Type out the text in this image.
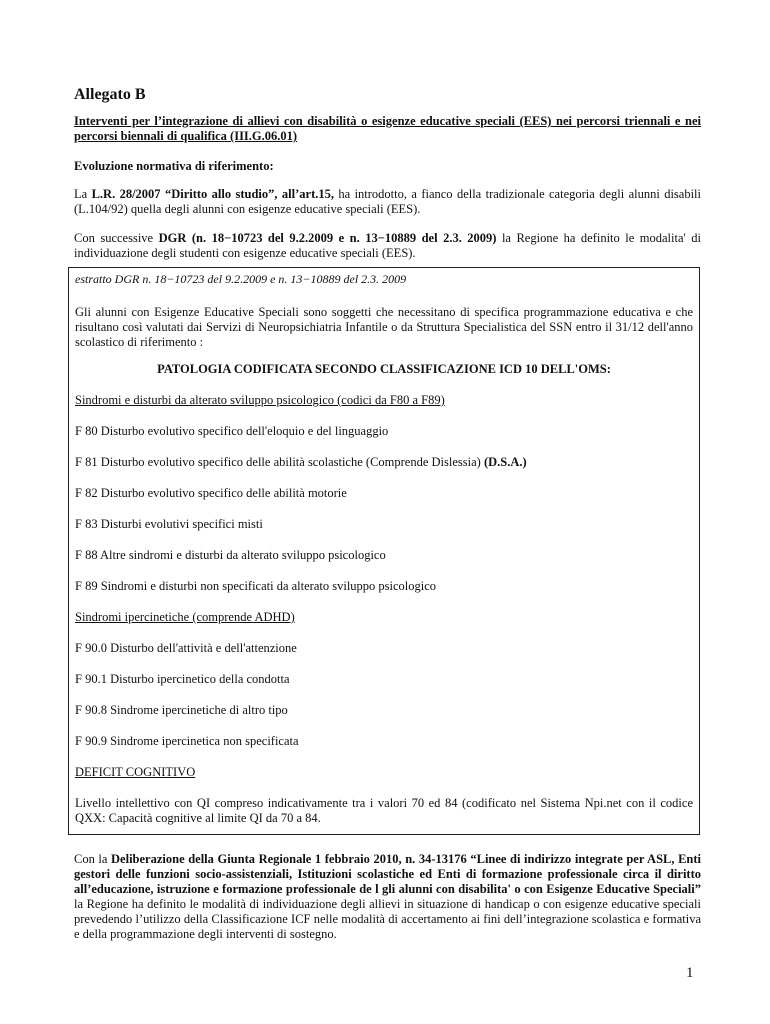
Allegato B
Interventi per l’integrazione di allievi con disabilità o esigenze educative speciali (EES) nei percorsi triennali e nei percorsi biennali di qualifica (III.G.06.01)
Evoluzione normativa di riferimento:
La L.R. 28/2007 “Diritto allo studio”, all’art.15, ha introdotto, a fianco della tradizionale categoria degli alunni disabili (L.104/92) quella degli alunni con esigenze educative speciali (EES).
Con successive DGR (n. 18−10723 del 9.2.2009 e n. 13−10889 del 2.3. 2009) la Regione ha definito le modalita' di individuazione degli studenti con esigenze educative speciali (EES).
estratto DGR n. 18−10723 del 9.2.2009 e n. 13−10889 del 2.3. 2009
Gli alunni con Esigenze Educative Speciali sono soggetti che necessitano di specifica programmazione educativa e che risultano così valutati dai Servizi di Neuropsichiatria Infantile o da Struttura Specialistica del SSN entro il 31/12 dell'anno scolastico di riferimento :
PATOLOGIA CODIFICATA SECONDO CLASSIFICAZIONE ICD 10 DELL'OMS:
Sindromi e disturbi da alterato sviluppo psicologico (codici da F80 a F89)
F 80 Disturbo evolutivo specifico dell'eloquio e del linguaggio
F 81 Disturbo evolutivo specifico delle abilità scolastiche (Comprende Dislessia) (D.S.A.)
F 82 Disturbo evolutivo specifico delle abilità motorie
F 83 Disturbi evolutivi specifici misti
F 88 Altre sindromi e disturbi da alterato sviluppo psicologico
F 89 Sindromi e disturbi non specificati da alterato sviluppo psicologico
Sindromi ipercinetiche (comprende ADHD)
F 90.0 Disturbo dell'attività e dell'attenzione
F 90.1 Disturbo ipercinetico della condotta
F 90.8 Sindrome ipercinetiche di altro tipo
F 90.9 Sindrome ipercinetica non specificata
DEFICIT COGNITIVO
Livello intellettivo con QI compreso indicativamente tra i valori 70 ed 84 (codificato nel Sistema Npi.net con il codice QXX: Capacità cognitive al limite QI da 70 a 84.
Con la Deliberazione della Giunta Regionale 1 febbraio 2010, n. 34-13176 “Linee di indirizzo integrate per ASL, Enti gestori delle funzioni socio-assistenziali, Istituzioni scolastiche ed Enti di formazione professionale circa il diritto all’educazione, istruzione e formazione professionale de l gli alunni con disabilita' o con Esigenze Educative Speciali” la Regione ha definito le modalità di individuazione degli allievi in situazione di handicap o con esigenze educative speciali prevedendo l’utilizzo della Classificazione ICF nelle modalità di accertamento ai fini dell’integrazione scolastica e formativa e della programmazione degli interventi di sostegno.
1
